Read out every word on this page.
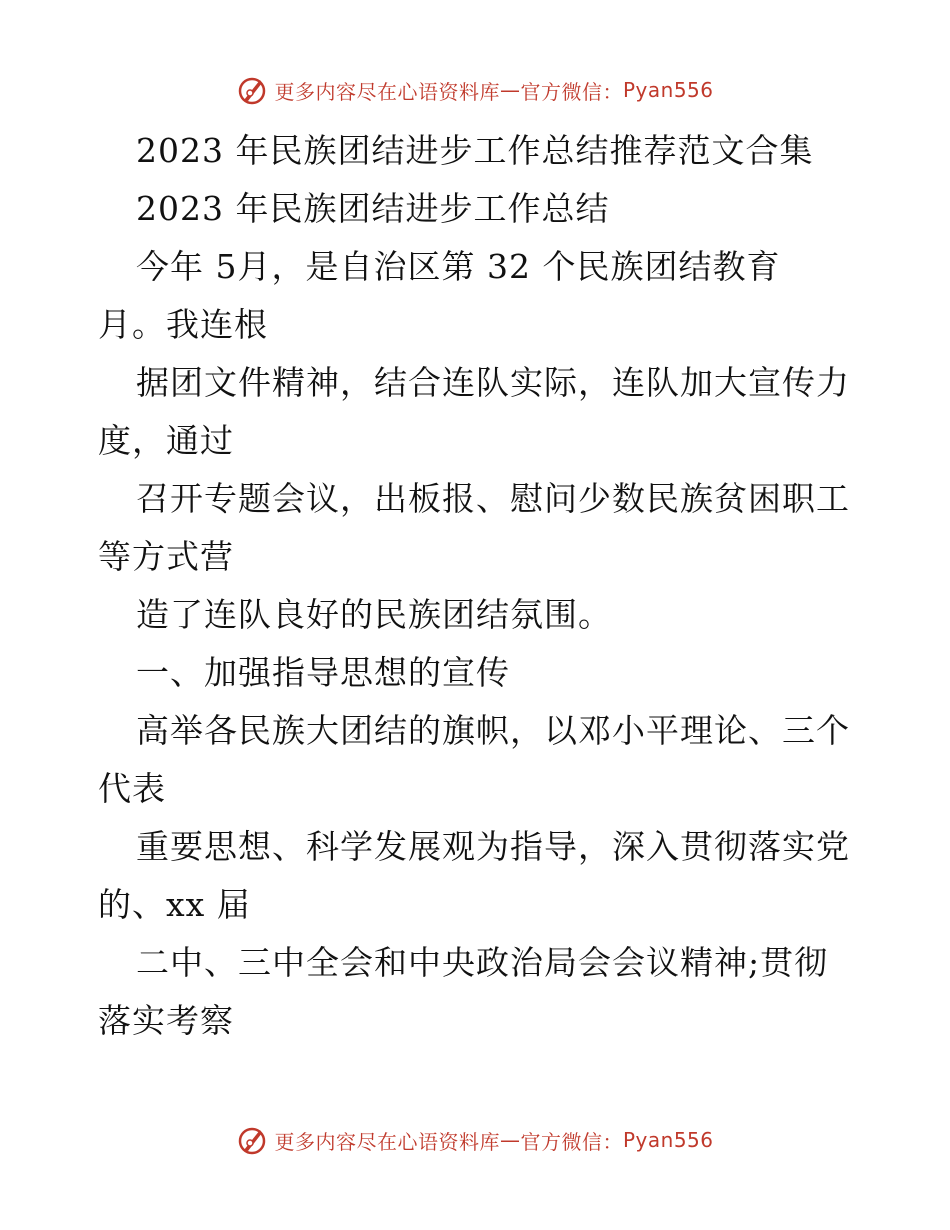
更多内容尽在心语资料库 — 官方微信： Pyan556
2023 年民族团结进步工作总结推荐范文合集
2023 年民族团结进步工作总结
今年 5月，是自治区第 32 个民族团结教育
月。我连根
据团文件精神，结合连队实际，连队加大宣传力
度，通过
召开专题会议，出板报、慰问少数民族贫困职工
等方式营
造了连队良好的民族团结氛围。
一、加强指导思想的宣传
高举各民族大团结的旗帜，以邓小平理论、三个
代表
重要思想、科学发展观为指导，深入贯彻落实党
的、xx 届
二中、三中全会和中央政治局会会议精神;贯彻
落实考察
更多内容尽在心语资料库 — 官方微信： Pyan556
